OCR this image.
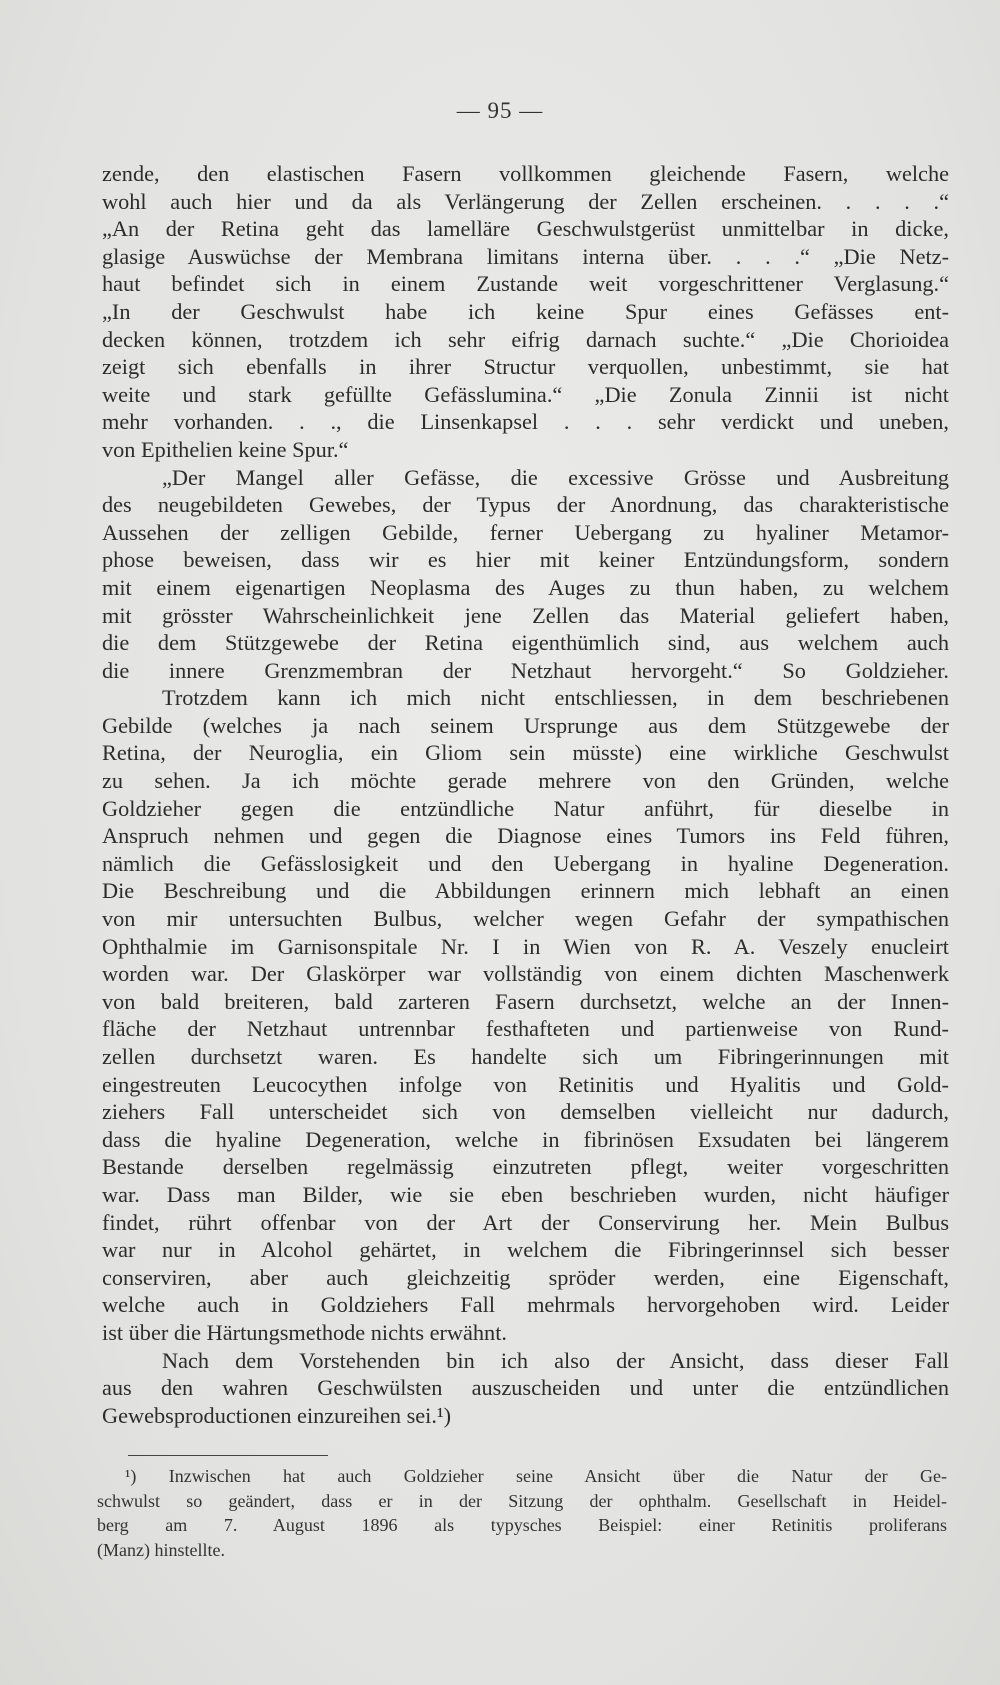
— 95 —
zende, den elastischen Fasern vollkommen gleichende Fasern, welche
wohl auch hier und da als Verlängerung der Zellen erscheinen. . . . .“
„An der Retina geht das lamelläre Geschwulstgerüst unmittelbar in dicke,
glasige Auswüchse der Membrana limitans interna über. . . .“ „Die Netz-
haut befindet sich in einem Zustande weit vorgeschrittener Verglasung.“
„In der Geschwulst habe ich keine Spur eines Gefässes ent-
decken können, trotzdem ich sehr eifrig darnach suchte.“ „Die Chorioidea
zeigt sich ebenfalls in ihrer Structur verquollen, unbestimmt, sie hat
weite und stark gefüllte Gefässlumina.“ „Die Zonula Zinnii ist nicht
mehr vorhanden. . ., die Linsenkapsel . . . sehr verdickt und uneben,
von Epithelien keine Spur.“
„Der Mangel aller Gefässe, die excessive Grösse und Ausbreitung
des neugebildeten Gewebes, der Typus der Anordnung, das charakteristische
Aussehen der zelligen Gebilde, ferner Uebergang zu hyaliner Metamor-
phose beweisen, dass wir es hier mit keiner Entzündungsform, sondern
mit einem eigenartigen Neoplasma des Auges zu thun haben, zu welchem
mit grösster Wahrscheinlichkeit jene Zellen das Material geliefert haben,
die dem Stützgewebe der Retina eigenthümlich sind, aus welchem auch
die innere Grenzmembran der Netzhaut hervorgeht.“ So Goldzieher.
Trotzdem kann ich mich nicht entschliessen, in dem beschriebenen
Gebilde (welches ja nach seinem Ursprunge aus dem Stützgewebe der
Retina, der Neuroglia, ein Gliom sein müsste) eine wirkliche Geschwulst
zu sehen. Ja ich möchte gerade mehrere von den Gründen, welche
Goldzieher gegen die entzündliche Natur anführt, für dieselbe in
Anspruch nehmen und gegen die Diagnose eines Tumors ins Feld führen,
nämlich die Gefässlosigkeit und den Uebergang in hyaline Degeneration.
Die Beschreibung und die Abbildungen erinnern mich lebhaft an einen
von mir untersuchten Bulbus, welcher wegen Gefahr der sympathischen
Ophthalmie im Garnisonspitale Nr. I in Wien von R. A. Veszely enucleirt
worden war. Der Glaskörper war vollständig von einem dichten Maschenwerk
von bald breiteren, bald zarteren Fasern durchsetzt, welche an der Innen-
fläche der Netzhaut untrennbar festhafteten und partienweise von Rund-
zellen durchsetzt waren. Es handelte sich um Fibringerinnungen mit
eingestreuten Leucocythen infolge von Retinitis und Hyalitis und Gold-
ziehers Fall unterscheidet sich von demselben vielleicht nur dadurch,
dass die hyaline Degeneration, welche in fibrinösen Exsudaten bei längerem
Bestande derselben regelmässig einzutreten pflegt, weiter vorgeschritten
war. Dass man Bilder, wie sie eben beschrieben wurden, nicht häufiger
findet, rührt offenbar von der Art der Conservirung her. Mein Bulbus
war nur in Alcohol gehärtet, in welchem die Fibringerinnsel sich besser
conserviren, aber auch gleichzeitig spröder werden, eine Eigenschaft,
welche auch in Goldziehers Fall mehrmals hervorgehoben wird. Leider
ist über die Härtungsmethode nichts erwähnt.
Nach dem Vorstehenden bin ich also der Ansicht, dass dieser Fall
aus den wahren Geschwülsten auszuscheiden und unter die entzündlichen
Gewebsproductionen einzureihen sei.¹)
¹) Inzwischen hat auch Goldzieher seine Ansicht über die Natur der Ge-
schwulst so geändert, dass er in der Sitzung der ophthalm. Gesellschaft in Heidel-
berg am 7. August 1896 als typysches Beispiel: einer Retinitis proliferans
(Manz) hinstellte.
